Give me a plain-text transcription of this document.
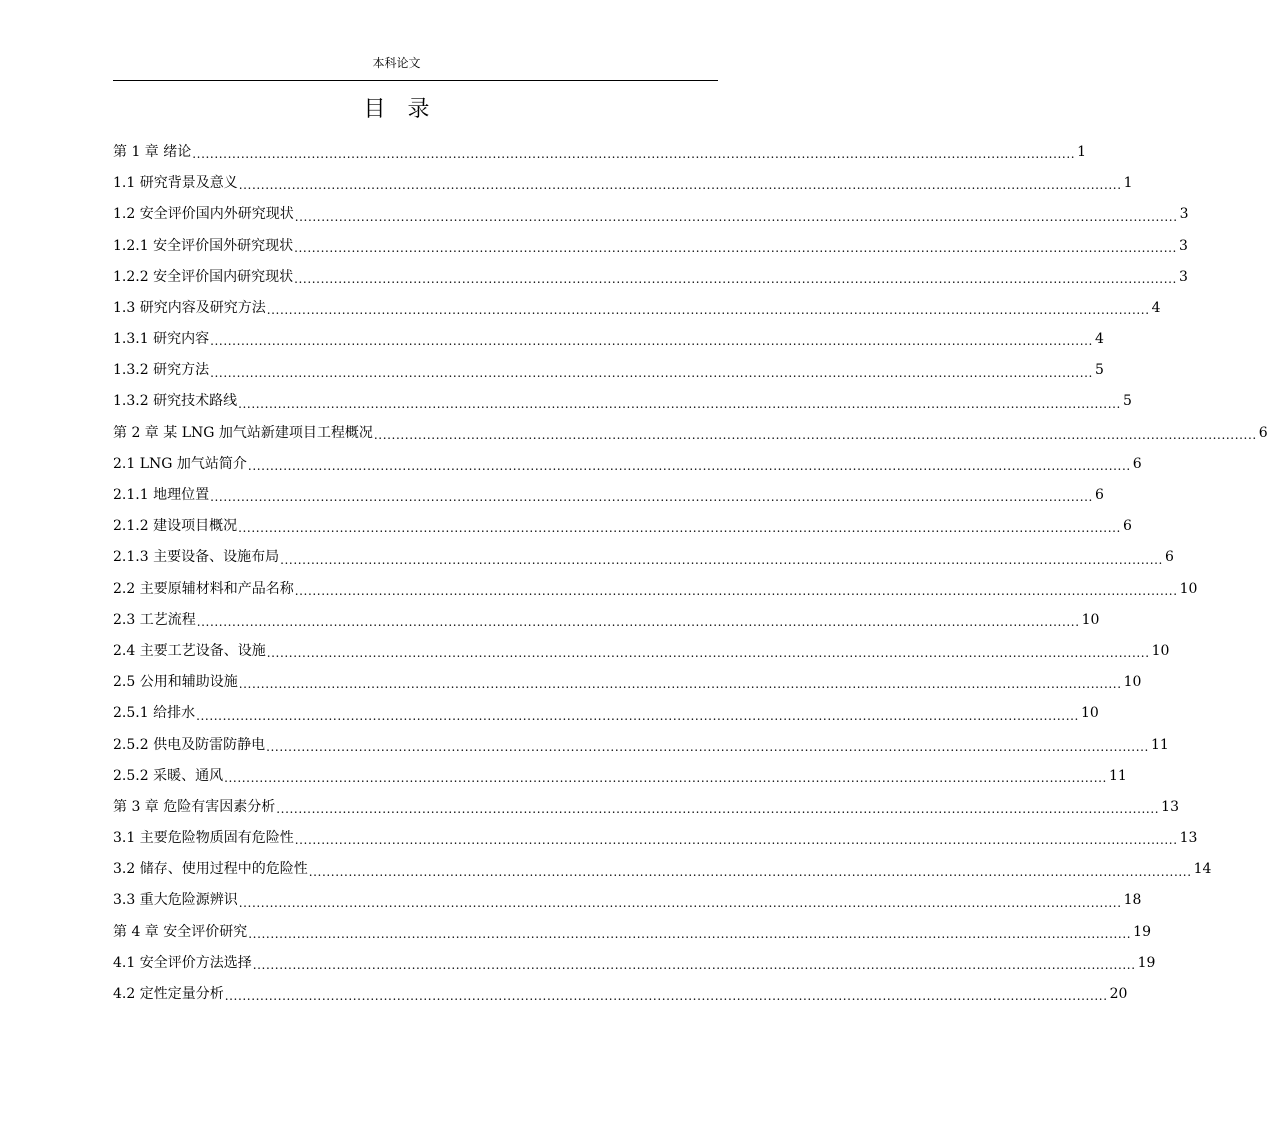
本科论文
目　录
第 1 章 绪论 ........................................................................................................................................................................................................ 1
1.1 研究背景及意义 ........................................................................................................................................................................................................ 1
1.2 安全评价国内外研究现状 ........................................................................................................................................................................................................ 3
1.2.1 安全评价国外研究现状 ........................................................................................................................................................................................................ 3
1.2.2 安全评价国内研究现状 ........................................................................................................................................................................................................ 3
1.3 研究内容及研究方法 ........................................................................................................................................................................................................ 4
1.3.1 研究内容 ........................................................................................................................................................................................................ 4
1.3.2 研究方法 ........................................................................................................................................................................................................ 5
1.3.2 研究技术路线 ........................................................................................................................................................................................................ 5
第 2 章 某 LNG 加气站新建项目工程概况 ........................................................................................................................................................................................................ 6
2.1 LNG 加气站简介 ........................................................................................................................................................................................................ 6
2.1.1 地理位置 ........................................................................................................................................................................................................ 6
2.1.2 建设项目概况 ........................................................................................................................................................................................................ 6
2.1.3 主要设备、设施布局 ........................................................................................................................................................................................................ 6
2.2 主要原辅材料和产品名称 ........................................................................................................................................................................................................ 10
2.3 工艺流程 ........................................................................................................................................................................................................ 10
2.4 主要工艺设备、设施 ........................................................................................................................................................................................................ 10
2.5 公用和辅助设施 ........................................................................................................................................................................................................ 10
2.5.1 给排水 ........................................................................................................................................................................................................ 10
2.5.2 供电及防雷防静电 ........................................................................................................................................................................................................ 11
2.5.2 采暖、通风 ........................................................................................................................................................................................................ 11
第 3 章 危险有害因素分析 ........................................................................................................................................................................................................ 13
3.1 主要危险物质固有危险性 ........................................................................................................................................................................................................ 13
3.2 储存、使用过程中的危险性 ........................................................................................................................................................................................................ 14
3.3 重大危险源辨识 ........................................................................................................................................................................................................ 18
第 4 章 安全评价研究 ........................................................................................................................................................................................................ 19
4.1 安全评价方法选择 ........................................................................................................................................................................................................ 19
4.2 定性定量分析 ........................................................................................................................................................................................................ 20
